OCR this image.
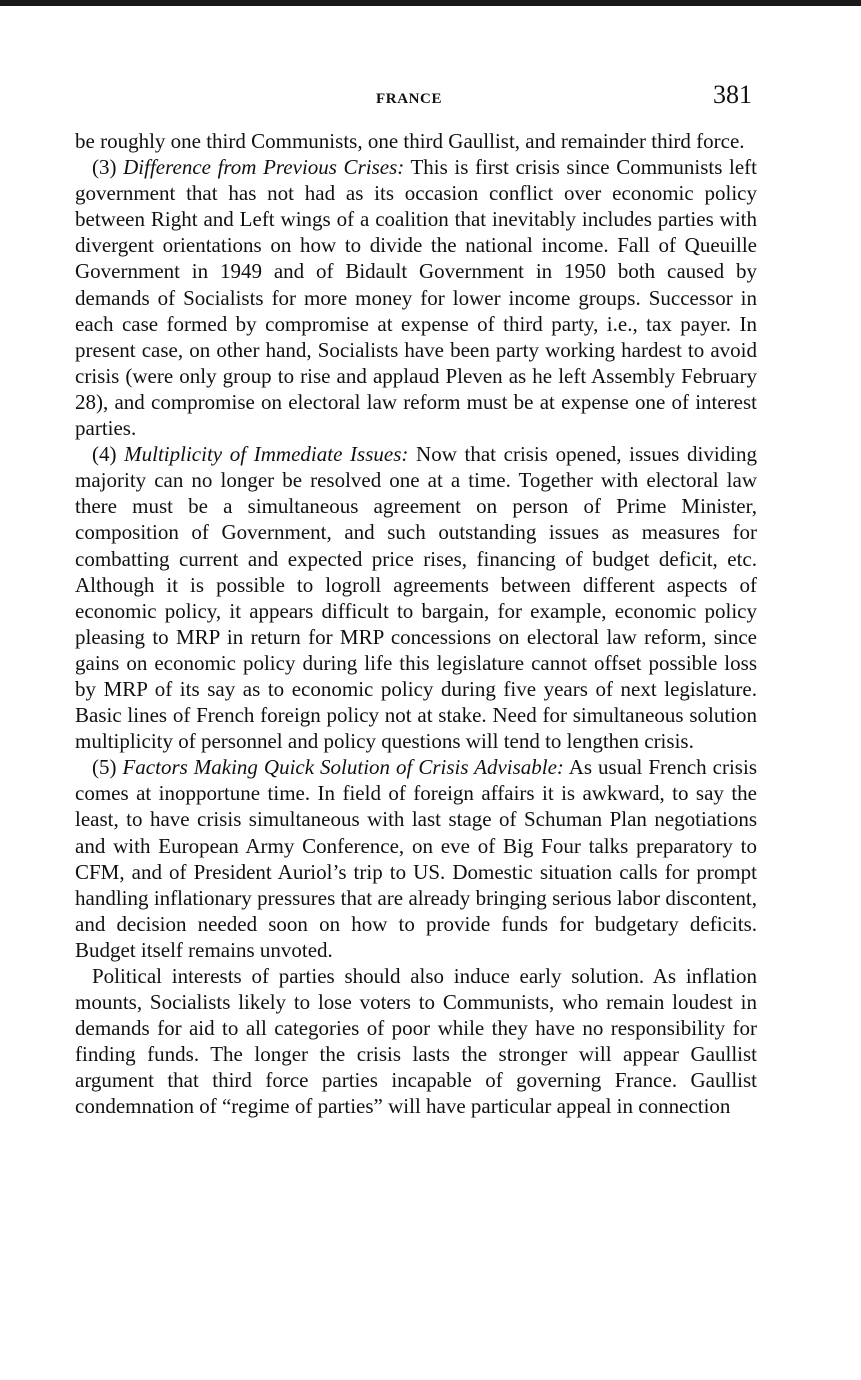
FRANCE	381

be roughly one third Communists, one third Gaullist, and remainder third force.

(3) Difference from Previous Crises: This is first crisis since Communists left government that has not had as its occasion conflict over economic policy between Right and Left wings of a coalition that inevitably includes parties with divergent orientations on how to divide the national income. Fall of Queuille Government in 1949 and of Bidault Government in 1950 both caused by demands of Socialists for more money for lower income groups. Successor in each case formed by compromise at expense of third party, i.e., tax payer. In present case, on other hand, Socialists have been party working hardest to avoid crisis (were only group to rise and applaud Pleven as he left Assembly February 28), and compromise on electoral law reform must be at expense one of interest parties.

(4) Multiplicity of Immediate Issues: Now that crisis opened, issues dividing majority can no longer be resolved one at a time. Together with electoral law there must be a simultaneous agreement on person of Prime Minister, composition of Government, and such outstanding issues as measures for combatting current and expected price rises, financing of budget deficit, etc. Although it is possible to logroll agreements between different aspects of economic policy, it appears difficult to bargain, for example, economic policy pleasing to MRP in return for MRP concessions on electoral law reform, since gains on economic policy during life this legislature cannot offset possible loss by MRP of its say as to economic policy during five years of next legislature. Basic lines of French foreign policy not at stake. Need for simultaneous solution multiplicity of personnel and policy questions will tend to lengthen crisis.

(5) Factors Making Quick Solution of Crisis Advisable: As usual French crisis comes at inopportune time. In field of foreign affairs it is awkward, to say the least, to have crisis simultaneous with last stage of Schuman Plan negotiations and with European Army Conference, on eve of Big Four talks preparatory to CFM, and of President Auriol’s trip to US. Domestic situation calls for prompt handling inflationary pressures that are already bringing serious labor discontent, and decision needed soon on how to provide funds for budgetary deficits. Budget itself remains unvoted.

Political interests of parties should also induce early solution. As inflation mounts, Socialists likely to lose voters to Communists, who remain loudest in demands for aid to all categories of poor while they have no responsibility for finding funds. The longer the crisis lasts the stronger will appear Gaullist argument that third force parties incapable of governing France. Gaullist condemnation of “regime of parties” will have particular appeal in connection
